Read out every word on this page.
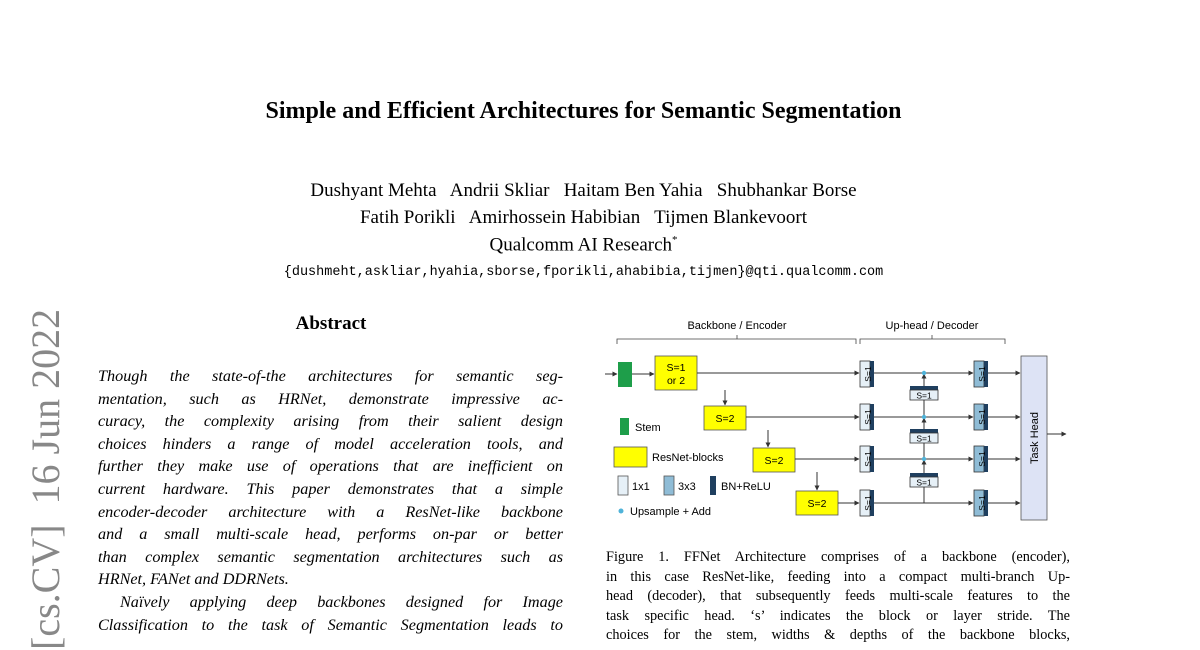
Simple and Efficient Architectures for Semantic Segmentation
Dushyant Mehta   Andrii Skliar   Haitam Ben Yahia   Shubhankar Borse
Fatih Porikli   Amirhossein Habibian   Tijmen Blankevoort
Qualcomm AI Research*
{dushmeht,askliar,hyahia,sborse,fporikli,ahabibia,tijmen}@qti.qualcomm.com
[cs.CV]  16 Jun 2022	Abstract
Though the state-of-the architectures for semantic seg-
mentation, such as HRNet, demonstrate impressive ac-
curacy, the complexity arising from their salient design
choices hinders a range of model acceleration tools, and
further they make use of operations that are inefficient on
current hardware. This paper demonstrates that a simple
encoder-decoder architecture with a ResNet-like backbone
and a small multi-scale head, performs on-par or better
than complex semantic segmentation architectures such as
HRNet, FANet and DDRNets.
Naïvely applying deep backbones designed for Image
Classification to the task of Semantic Segmentation leads to
Backbone / Encoder	Up-head / Decoder
S=1
or 2
S=2
S=2
S=2
S=1
S=1
S=1
S=1
S=1
S=1
S=1
S=1
S=1
S=1
S=1
Task Head
Stem
ResNet-blocks
1x1	3x3 BN+ReLU
Upsample + Add
Figure 1. FFNet Architecture comprises of a backbone (encoder),
in this case ResNet-like, feeding into a compact multi-branch Up-
head (decoder), that subsequently feeds multi-scale features to the
task specific head. ‘s’ indicates the block or layer stride. The
choices for the stem, widths & depths of the backbone blocks,
